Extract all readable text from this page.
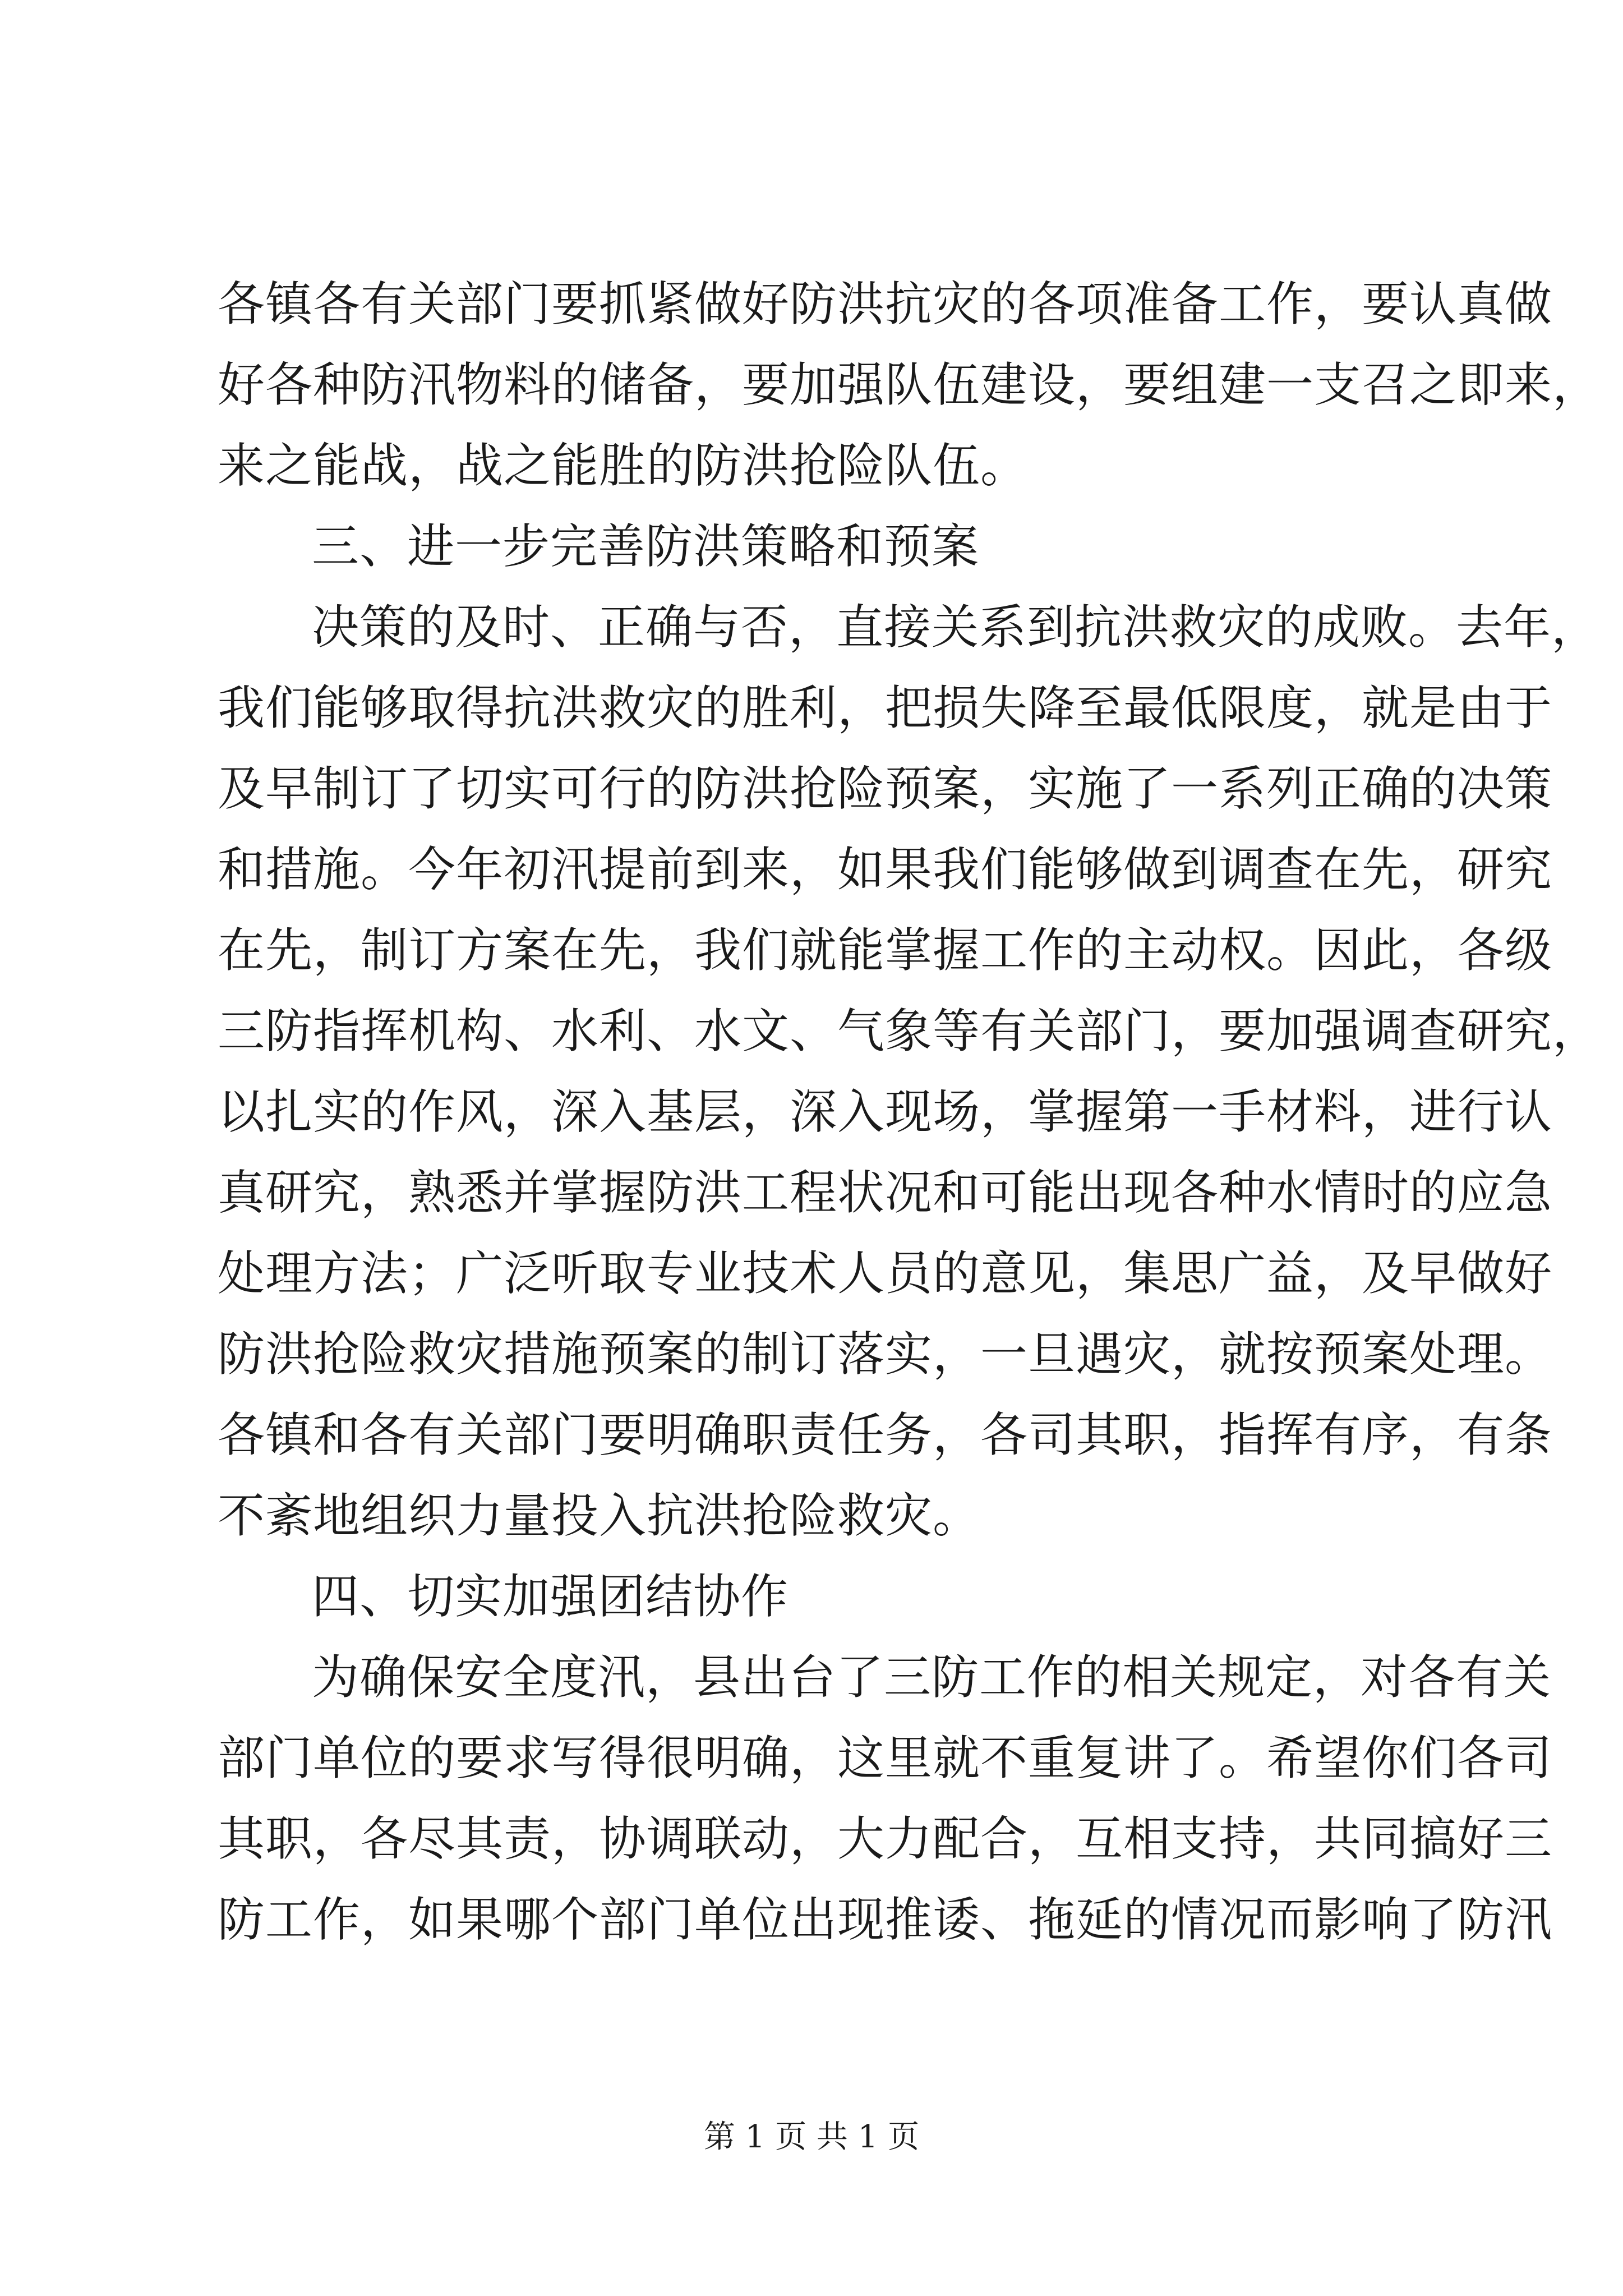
各镇各有关部门要抓紧做好防洪抗灾的各项准备工作，要认真做
好各种防汛物料的储备，要加强队伍建设，要组建一支召之即来，
来之能战，战之能胜的防洪抢险队伍。
三、进一步完善防洪策略和预案
决策的及时、正确与否，直接关系到抗洪救灾的成败。去年，
我们能够取得抗洪救灾的胜利，把损失降至最低限度，就是由于
及早制订了切实可行的防洪抢险预案，实施了一系列正确的决策
和措施。今年初汛提前到来，如果我们能够做到调查在先，研究
在先，制订方案在先，我们就能掌握工作的主动权。因此，各级
三防指挥机构、水利、水文、气象等有关部门，要加强调查研究，
以扎实的作风，深入基层，深入现场，掌握第一手材料，进行认
真研究，熟悉并掌握防洪工程状况和可能出现各种水情时的应急
处理方法；广泛听取专业技术人员的意见，集思广益，及早做好
防洪抢险救灾措施预案的制订落实，一旦遇灾，就按预案处理。
各镇和各有关部门要明确职责任务，各司其职，指挥有序，有条
不紊地组织力量投入抗洪抢险救灾。
四、切实加强团结协作
为确保安全度汛，县出台了三防工作的相关规定，对各有关
部门单位的要求写得很明确，这里就不重复讲了。希望你们各司
其职，各尽其责，协调联动，大力配合，互相支持，共同搞好三
防工作，如果哪个部门单位出现推诿、拖延的情况而影响了防汛
第 1 页 共 1 页
